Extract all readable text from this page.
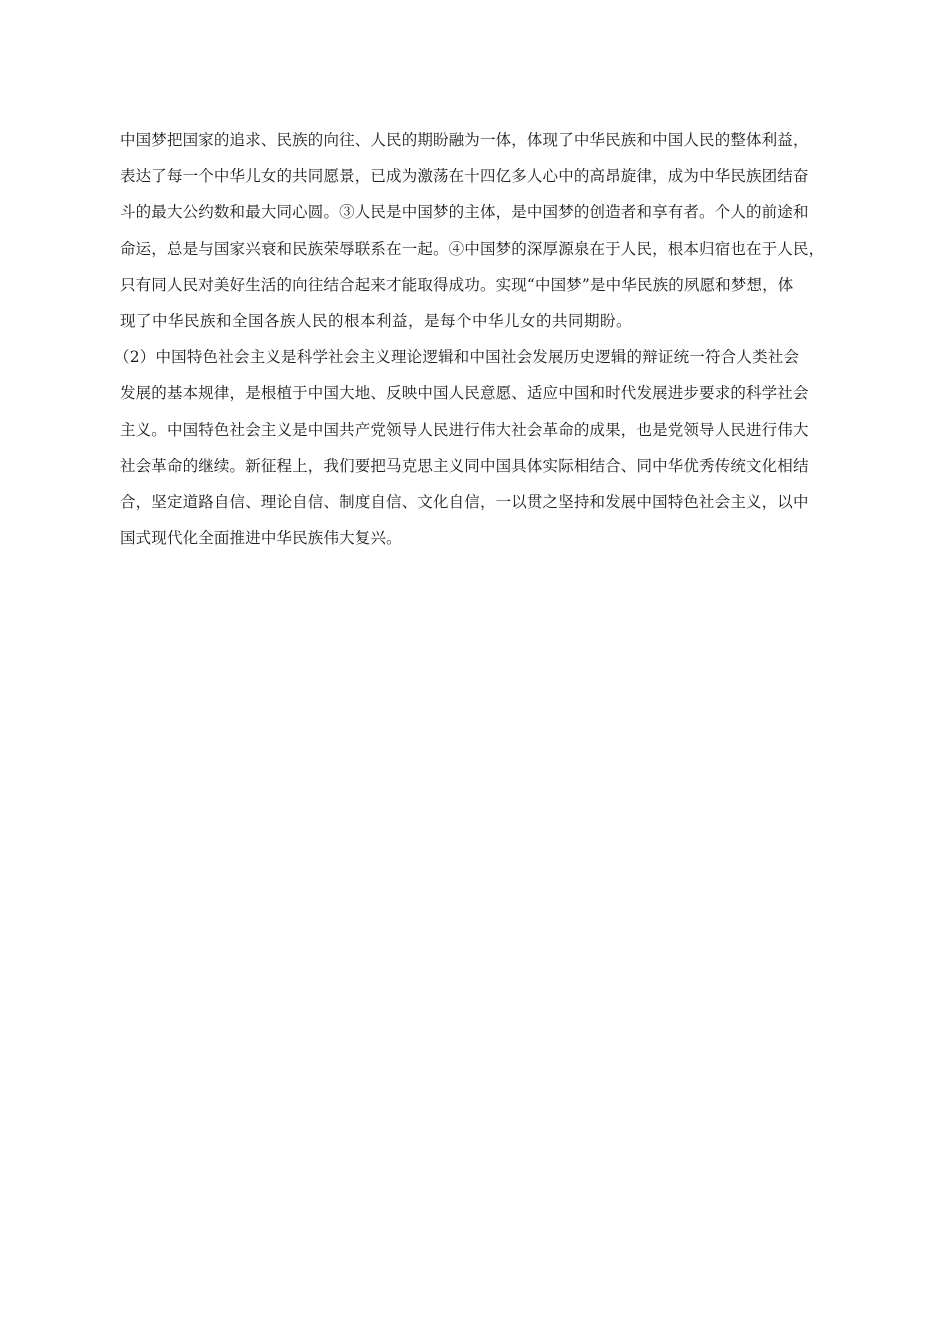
中国梦把国家的追求、民族的向往、人民的期盼融为一体，体现了中华民族和中国人民的整体利益，
表达了每一个中华儿女的共同愿景，已成为激荡在十四亿多人心中的高昂旋律，成为中华民族团结奋
斗的最大公约数和最大同心圆。③人民是中国梦的主体，是中国梦的创造者和享有者。个人的前途和
命运，总是与国家兴衰和民族荣辱联系在一起。④中国梦的深厚源泉在于人民，根本归宿也在于人民，
只有同人民对美好生活的向往结合起来才能取得成功。实现“中国梦”是中华民族的夙愿和梦想，体
现了中华民族和全国各族人民的根本利益，是每个中华儿女的共同期盼。
（2）中国特色社会主义是科学社会主义理论逻辑和中国社会发展历史逻辑的辩证统一符合人类社会
发展的基本规律，是根植于中国大地、反映中国人民意愿、适应中国和时代发展进步要求的科学社会
主义。中国特色社会主义是中国共产党领导人民进行伟大社会革命的成果，也是党领导人民进行伟大
社会革命的继续。新征程上，我们要把马克思主义同中国具体实际相结合、同中华优秀传统文化相结
合，坚定道路自信、理论自信、制度自信、文化自信，一以贯之坚持和发展中国特色社会主义，以中
国式现代化全面推进中华民族伟大复兴。
